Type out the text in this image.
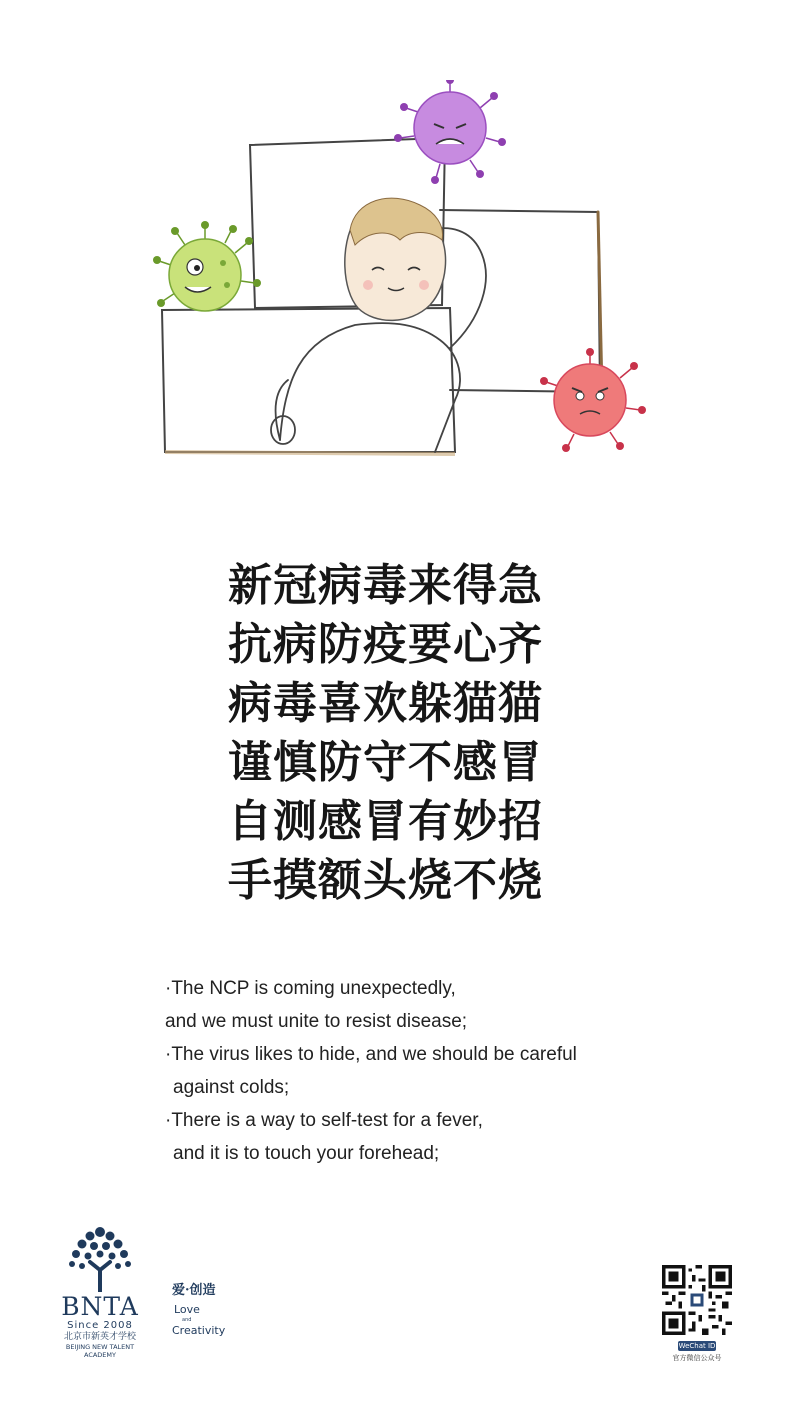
新冠病毒来得急
抗病防疫要心齐
病毒喜欢躲猫猫
谨慎防守不感冒
自测感冒有妙招
手摸额头烧不烧
·The NCP is coming unexpectedly,
and we must unite to resist disease;
·The virus likes to hide, and we should be careful
against colds;
·There is a way to self-test for a fever,
and it is to touch your forehead;
BNTA
Since 2008
北京市新英才学校
BEIJING NEW TALENT
ACADEMY
爱·创造
Love
and
Creativity
WeChat ID
官方微信公众号
